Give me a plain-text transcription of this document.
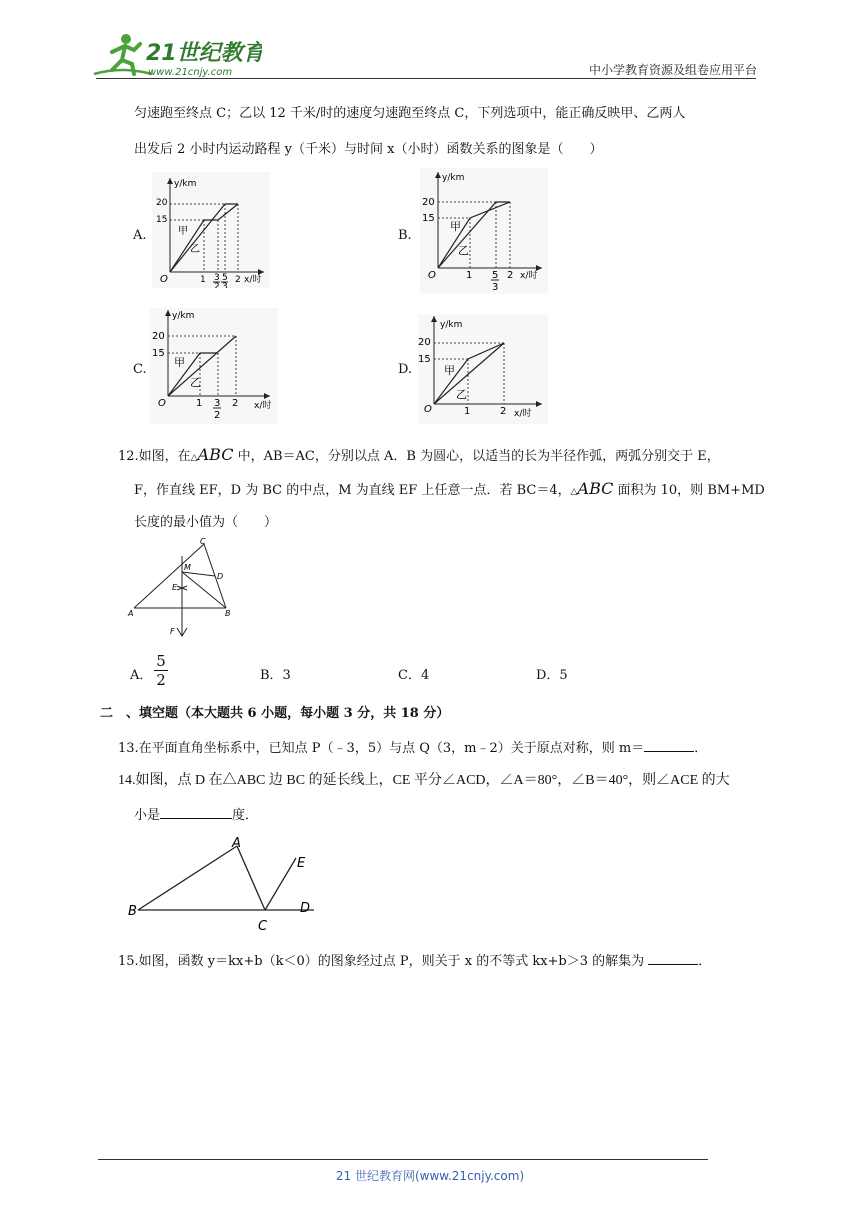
21世纪教育
www.21cnjy.com	中小学教育资源及组卷应用平台
匀速跑至终点 C；乙以 12 千米/时的速度匀速跑至终点 C，下列选项中，能正确反映甲、乙两人
出发后 2 小时内运动路程 y（千米）与时间 x（小时）函数关系的图象是（　　）
A.
y/km
20
15
O
甲
乙
1 3
2
5
3
2 x/时
B.
y/km
20
15
O
甲
乙
1 5
3
2 x/时
C.
y/km
20
15
O
甲
乙
1 3
2
2 x/时
D.
y/km
20
15
O
甲
乙
1	2 x/时
12.如图，在△ABC 中，AB＝AC，分别以点 A．B 为圆心，以适当的长为半径作弧，两弧分别交于 E，
F，作直线 EF，D 为 BC 的中点，M 为直线 EF 上任意一点．若 BC＝4，△ABC 面积为 10，则 BM+MD
长度的最小值为（　　）
C
M
D
E
A	B
F
A．
5
2	B．3	C．4	D．5
二　、填空题（本大题共 6 小题，每小题 3 分，共 18 分）
13.在平面直角坐标系中，已知点 P（﹣3，5）与点 Q（3，m﹣2）关于原点对称，则 m＝	．
14.如图，点 D 在△ABC 边 BC 的延长线上，CE 平分∠ACD，∠A＝80°，∠B＝40°，则∠ACE 的大
小是	度．
A
B
C
D
E
15.如图，函数 y＝kx+b（k＜0）的图象经过点 P，则关于 x 的不等式 kx+b＞3 的解集为	．
21 世纪教育网(www.21cnjy.com)
